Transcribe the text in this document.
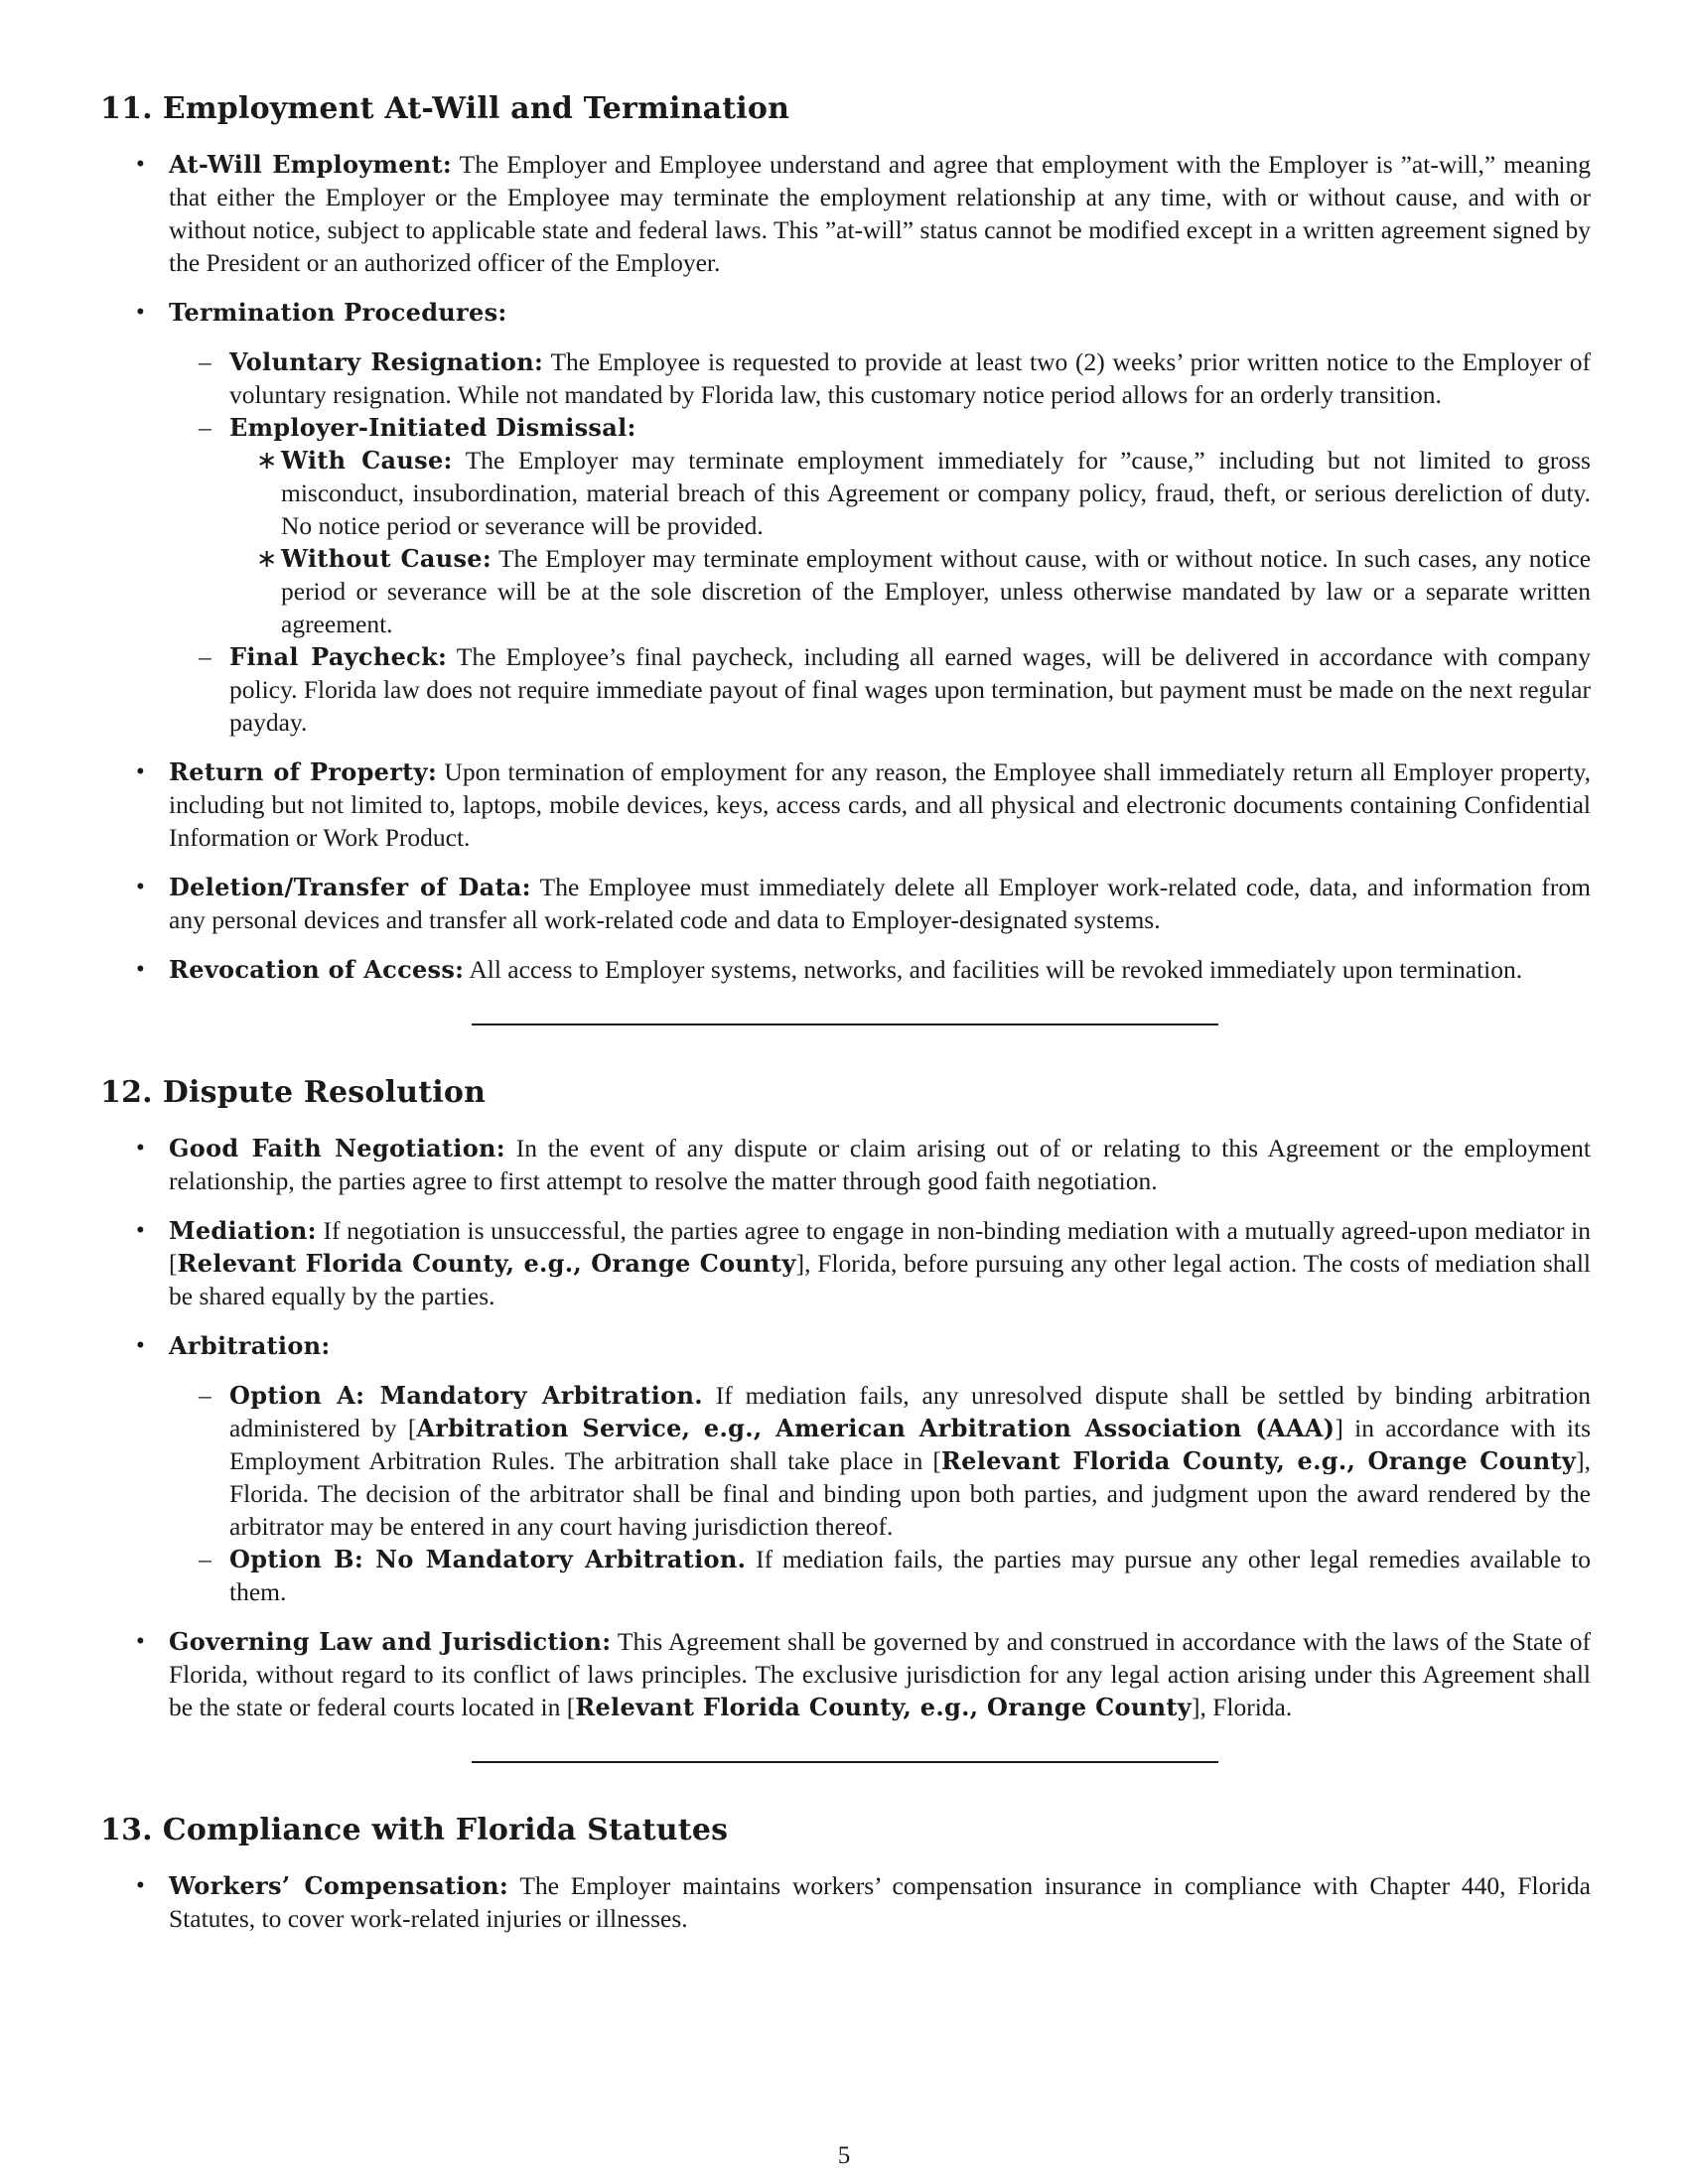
11. Employment At-Will and Termination
• At-Will Employment: The Employer and Employee understand and agree that employment with the Employer is ”at-will,” meaning that either the Employer or the Employee may terminate the employment relationship at any time, with or without cause, and with or without notice, subject to applicable state and federal laws. This ”at-will” status cannot be modified except in a written agreement signed by the President or an authorized officer of the Employer.
• Termination Procedures:
– Voluntary Resignation: The Employee is requested to provide at least two (2) weeks’ prior written notice to the Employer of voluntary resignation. While not mandated by Florida law, this customary notice period allows for an orderly transition.
– Employer-Initiated Dismissal:
∗ With Cause: The Employer may terminate employment immediately for ”cause,” including but not limited to gross misconduct, insubordination, material breach of this Agreement or company policy, fraud, theft, or serious dereliction of duty. No notice period or severance will be provided.
∗ Without Cause: The Employer may terminate employment without cause, with or without notice. In such cases, any notice period or severance will be at the sole discretion of the Employer, unless otherwise mandated by law or a separate written agreement.
– Final Paycheck: The Employee’s final paycheck, including all earned wages, will be delivered in accordance with company policy. Florida law does not require immediate payout of final wages upon termination, but payment must be made on the next regular payday.
• Return of Property: Upon termination of employment for any reason, the Employee shall immediately return all Employer property, including but not limited to, laptops, mobile devices, keys, access cards, and all physical and electronic documents containing Confidential Information or Work Product.
• Deletion/Transfer of Data: The Employee must immediately delete all Employer work-related code, data, and information from any personal devices and transfer all work-related code and data to Employer-designated systems.
• Revocation of Access: All access to Employer systems, networks, and facilities will be revoked immediately upon termination.
12. Dispute Resolution
• Good Faith Negotiation: In the event of any dispute or claim arising out of or relating to this Agreement or the employment relationship, the parties agree to first attempt to resolve the matter through good faith negotiation.
• Mediation: If negotiation is unsuccessful, the parties agree to engage in non-binding mediation with a mutually agreed-upon mediator in [Relevant Florida County, e.g., Orange County], Florida, before pursuing any other legal action. The costs of mediation shall be shared equally by the parties.
• Arbitration:
– Option A: Mandatory Arbitration. If mediation fails, any unresolved dispute shall be settled by binding arbitration administered by [Arbitration Service, e.g., American Arbitration Association (AAA)] in accordance with its Employment Arbitration Rules. The arbitration shall take place in [Relevant Florida County, e.g., Orange County], Florida. The decision of the arbitrator shall be final and binding upon both parties, and judgment upon the award rendered by the arbitrator may be entered in any court having jurisdiction thereof.
– Option B: No Mandatory Arbitration. If mediation fails, the parties may pursue any other legal remedies available to them.
• Governing Law and Jurisdiction: This Agreement shall be governed by and construed in accordance with the laws of the State of Florida, without regard to its conflict of laws principles. The exclusive jurisdiction for any legal action arising under this Agreement shall be the state or federal courts located in [Relevant Florida County, e.g., Orange County], Florida.
13. Compliance with Florida Statutes
• Workers’ Compensation: The Employer maintains workers’ compensation insurance in compliance with Chapter 440, Florida Statutes, to cover work-related injuries or illnesses.
5
